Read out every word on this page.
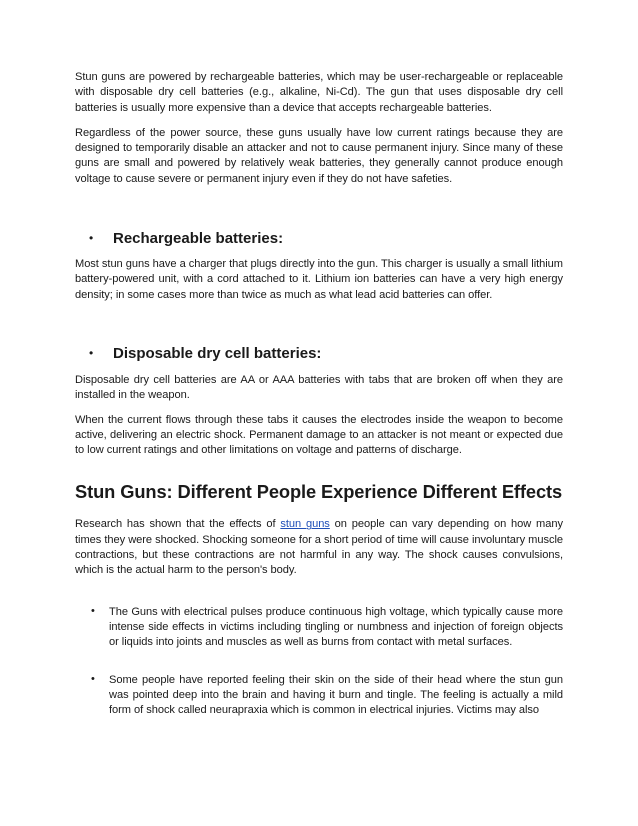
Stun guns are powered by rechargeable batteries, which may be user-rechargeable or replaceable with disposable dry cell batteries (e.g., alkaline, Ni-Cd). The gun that uses disposable dry cell batteries is usually more expensive than a device that accepts rechargeable batteries.

Regardless of the power source, these guns usually have low current ratings because they are designed to temporarily disable an attacker and not to cause permanent injury. Since many of these guns are small and powered by relatively weak batteries, they generally cannot produce enough voltage to cause severe or permanent injury even if they do not have safeties.

• Rechargeable batteries:

Most stun guns have a charger that plugs directly into the gun. This charger is usually a small lithium battery-powered unit, with a cord attached to it. Lithium ion batteries can have a very high energy density; in some cases more than twice as much as what lead acid batteries can offer.

• Disposable dry cell batteries:

Disposable dry cell batteries are AA or AAA batteries with tabs that are broken off when they are installed in the weapon.

When the current flows through these tabs it causes the electrodes inside the weapon to become active, delivering an electric shock. Permanent damage to an attacker is not meant or expected due to low current ratings and other limitations on voltage and patterns of discharge.

Stun Guns: Different People Experience Different Effects

Research has shown that the effects of stun guns on people can vary depending on how many times they were shocked. Shocking someone for a short period of time will cause involuntary muscle contractions, but these contractions are not harmful in any way. The shock causes convulsions, which is the actual harm to the person's body.

• The Guns with electrical pulses produce continuous high voltage, which typically cause more intense side effects in victims including tingling or numbness and injection of foreign objects or liquids into joints and muscles as well as burns from contact with metal surfaces.

• Some people have reported feeling their skin on the side of their head where the stun gun was pointed deep into the brain and having it burn and tingle. The feeling is actually a mild form of shock called neurapraxia which is common in electrical injuries. Victims may also
